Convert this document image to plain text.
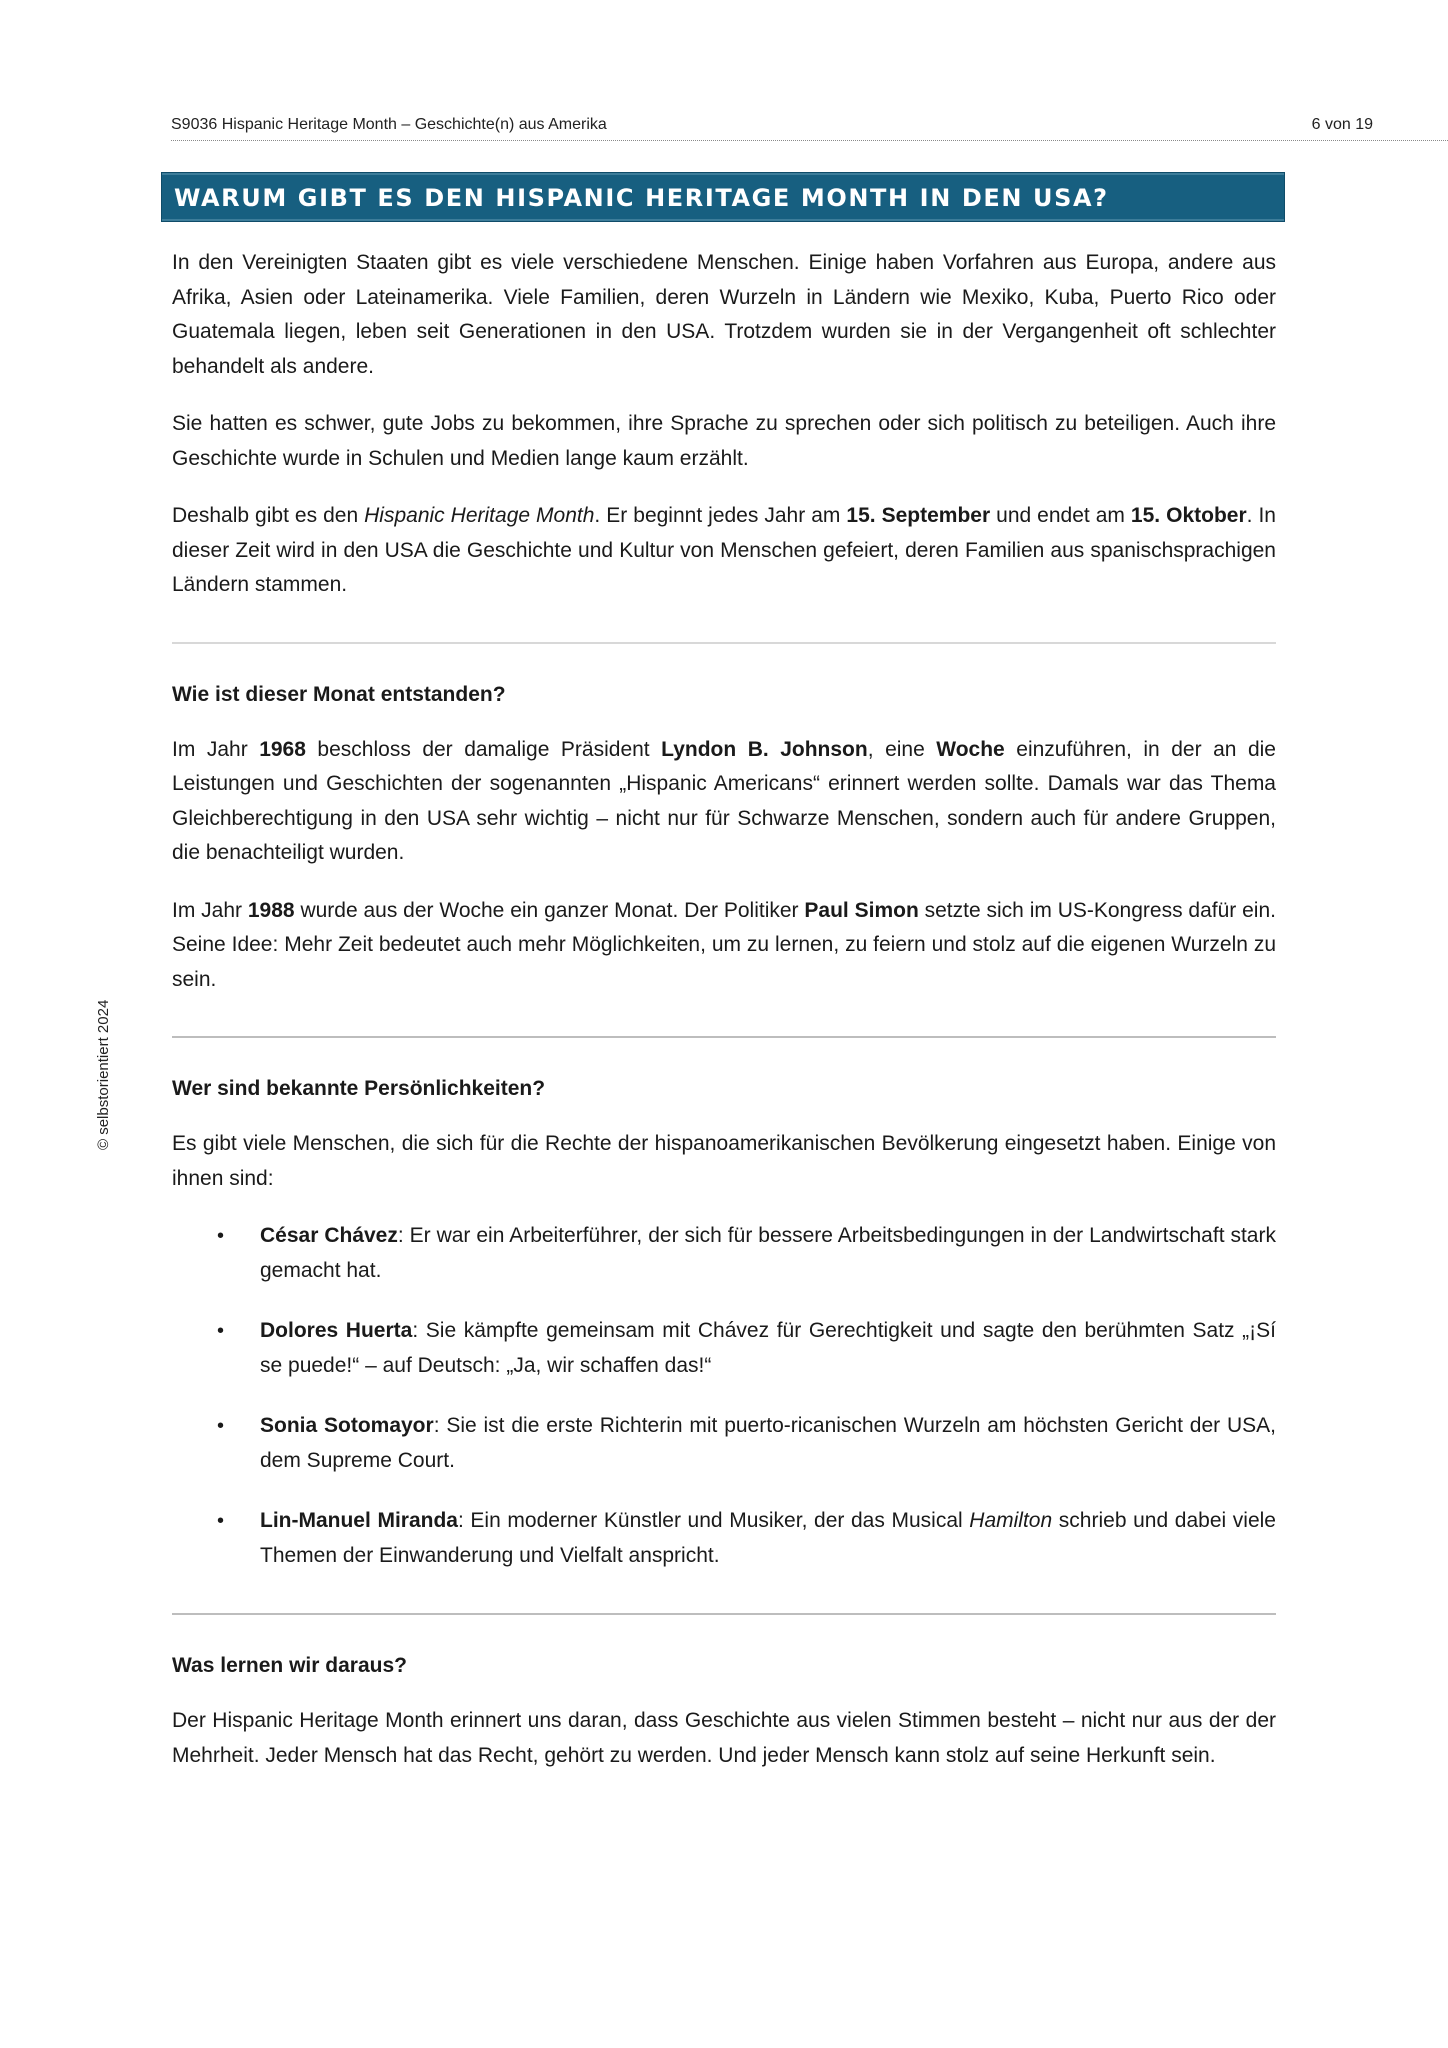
S9036 Hispanic Heritage Month – Geschichte(n) aus Amerika	6 von 19
WARUM GIBT ES DEN HISPANIC HERITAGE MONTH IN DEN USA?

In den Vereinigten Staaten gibt es viele verschiedene Menschen. Einige haben Vorfahren aus Europa, andere aus Afrika, Asien oder Lateinamerika. Viele Familien, deren Wurzeln in Ländern wie Mexiko, Kuba, Puerto Rico oder Guatemala liegen, leben seit Generationen in den USA. Trotzdem wurden sie in der Vergangenheit oft schlechter behandelt als andere.

Sie hatten es schwer, gute Jobs zu bekommen, ihre Sprache zu sprechen oder sich politisch zu beteiligen. Auch ihre Geschichte wurde in Schulen und Medien lange kaum erzählt.

Deshalb gibt es den Hispanic Heritage Month. Er beginnt jedes Jahr am 15. September und endet am 15. Oktober. In dieser Zeit wird in den USA die Geschichte und Kultur von Menschen gefeiert, deren Familien aus spanischsprachigen Ländern stammen.

Wie ist dieser Monat entstanden?

Im Jahr 1968 beschloss der damalige Präsident Lyndon B. Johnson, eine Woche einzuführen, in der an die Leistungen und Geschichten der sogenannten „Hispanic Americans“ erinnert werden sollte. Damals war das Thema Gleichberechtigung in den USA sehr wichtig – nicht nur für Schwarze Menschen, sondern auch für andere Gruppen, die benachteiligt wurden.

Im Jahr 1988 wurde aus der Woche ein ganzer Monat. Der Politiker Paul Simon setzte sich im US-Kongress dafür ein. Seine Idee: Mehr Zeit bedeutet auch mehr Möglichkeiten, um zu lernen, zu feiern und stolz auf die eigenen Wurzeln zu sein.

Wer sind bekannte Persönlichkeiten?

Es gibt viele Menschen, die sich für die Rechte der hispanoamerikanischen Bevölkerung eingesetzt haben. Einige von ihnen sind:

• César Chávez: Er war ein Arbeiterführer, der sich für bessere Arbeitsbedingungen in der Landwirtschaft stark gemacht hat.
• Dolores Huerta: Sie kämpfte gemeinsam mit Chávez für Gerechtigkeit und sagte den berühmten Satz „¡Sí se puede!“ – auf Deutsch: „Ja, wir schaffen das!“
• Sonia Sotomayor: Sie ist die erste Richterin mit puerto-ricanischen Wurzeln am höchsten Gericht der USA, dem Supreme Court.
• Lin-Manuel Miranda: Ein moderner Künstler und Musiker, der das Musical Hamilton schrieb und dabei viele Themen der Einwanderung und Vielfalt anspricht.
Was lernen wir daraus?

Der Hispanic Heritage Month erinnert uns daran, dass Geschichte aus vielen Stimmen besteht – nicht nur aus der der Mehrheit. Jeder Mensch hat das Recht, gehört zu werden. Und jeder Mensch kann stolz auf seine Herkunft sein.

© selbstorientiert 2024
